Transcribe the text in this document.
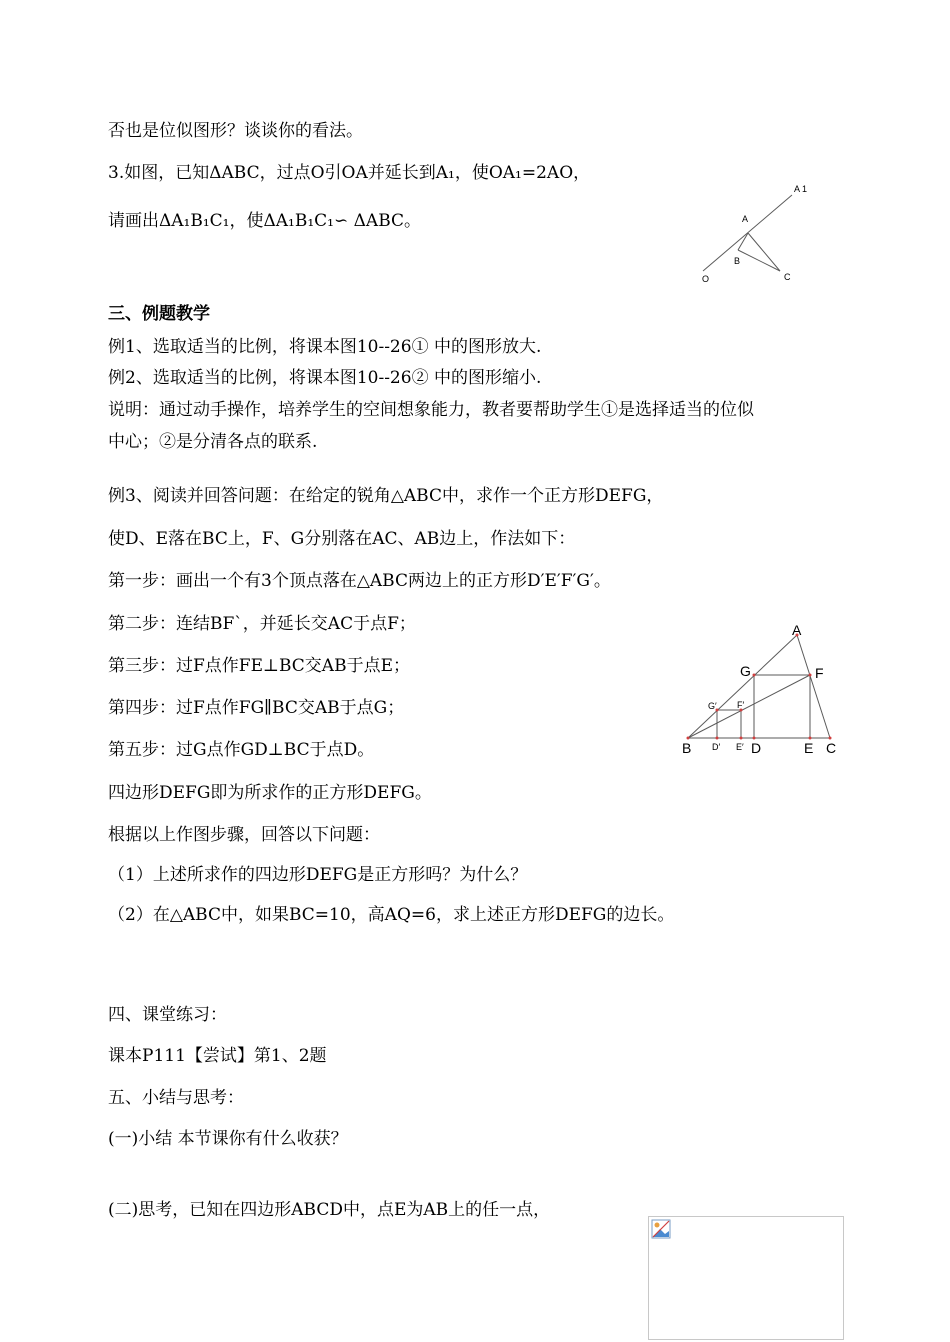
否也是位似图形？谈谈你的看法。
3.如图，已知ΔABC，过点O引OA并延长到A₁，使OA₁=2AO，
请画出ΔA₁B₁C₁，使ΔA₁B₁C₁∽ ΔABC。
三、例题教学
例1、选取适当的比例，将课本图10--26① 中的图形放大.
例2、选取适当的比例，将课本图10--26② 中的图形缩小.
说明：通过动手操作，培养学生的空间想象能力，教者要帮助学生①是选择适当的位似
中心；②是分清各点的联系.
例3、阅读并回答问题：在给定的锐角△ABC中，求作一个正方形DEFG，
使D、E落在BC上，F、G分别落在AC、AB边上，作法如下：
第一步：画出一个有3个顶点落在△ABC两边上的正方形D′E′F′G′。
第二步：连结BF`，并延长交AC于点F；
第三步：过F点作FE⊥BC交AB于点E；
第四步：过F点作FG∥BC交AB于点G；
第五步：过G点作GD⊥BC于点D。
四边形DEFG即为所求作的正方形DEFG。
根据以上作图步骤，回答以下问题：
（1）上述所求作的四边形DEFG是正方形吗？为什么？
（2）在△ABC中，如果BC=10，高AQ=6，求上述正方形DEFG的边长。
四、课堂练习：
课本P111【尝试】第1、2题
五、小结与思考：
(一)小结 本节课你有什么收获？
(二)思考，已知在四边形ABCD中，点E为AB上的任一点，
A 1
A
B
C
O
A
G	F
B	D	E C
G′ F′
D′ E′
